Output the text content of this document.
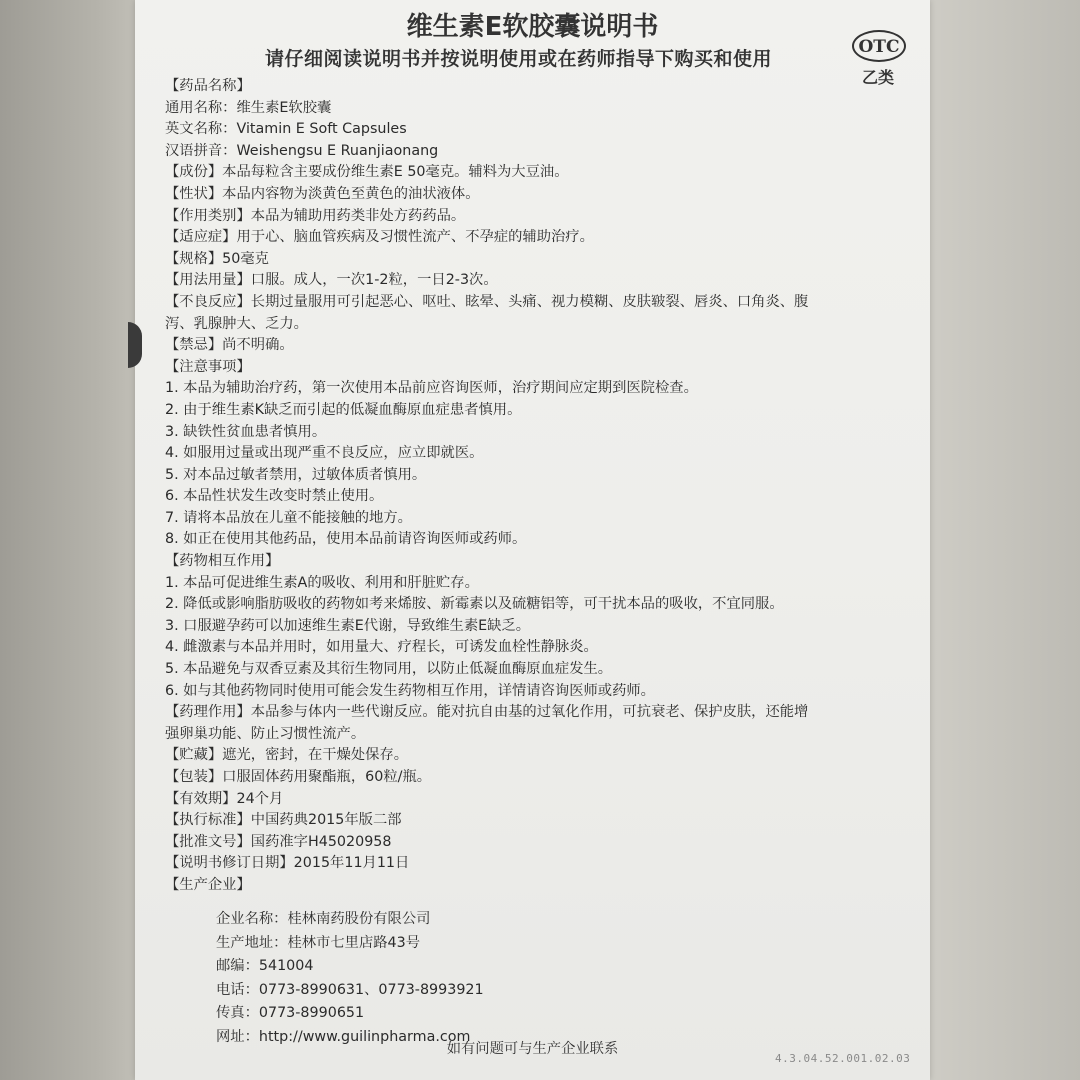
维生素E软胶囊说明书
请仔细阅读说明书并按说明使用或在药师指导下购买和使用
OTC
乙类
【药品名称】
通用名称：维生素E软胶囊
英文名称：Vitamin E Soft Capsules
汉语拼音：Weishengsu E Ruanjiaonang
【成份】本品每粒含主要成份维生素E 50毫克。辅料为大豆油。
【性状】本品内容物为淡黄色至黄色的油状液体。
【作用类别】本品为辅助用药类非处方药药品。
【适应症】用于心、脑血管疾病及习惯性流产、不孕症的辅助治疗。
【规格】50毫克
【用法用量】口服。成人，一次1-2粒，一日2-3次。
【不良反应】长期过量服用可引起恶心、呕吐、眩晕、头痛、视力模糊、皮肤皲裂、唇炎、口角炎、腹
泻、乳腺肿大、乏力。
【禁忌】尚不明确。
【注意事项】
1. 本品为辅助治疗药，第一次使用本品前应咨询医师，治疗期间应定期到医院检查。
2. 由于维生素K缺乏而引起的低凝血酶原血症患者慎用。
3. 缺铁性贫血患者慎用。
4. 如服用过量或出现严重不良反应，应立即就医。
5. 对本品过敏者禁用，过敏体质者慎用。
6. 本品性状发生改变时禁止使用。
7. 请将本品放在儿童不能接触的地方。
8. 如正在使用其他药品，使用本品前请咨询医师或药师。
【药物相互作用】
1. 本品可促进维生素A的吸收、利用和肝脏贮存。
2. 降低或影响脂肪吸收的药物如考来烯胺、新霉素以及硫糖铝等，可干扰本品的吸收，不宜同服。
3. 口服避孕药可以加速维生素E代谢，导致维生素E缺乏。
4. 雌激素与本品并用时，如用量大、疗程长，可诱发血栓性静脉炎。
5. 本品避免与双香豆素及其衍生物同用，以防止低凝血酶原血症发生。
6. 如与其他药物同时使用可能会发生药物相互作用，详情请咨询医师或药师。
【药理作用】本品参与体内一些代谢反应。能对抗自由基的过氧化作用，可抗衰老、保护皮肤，还能增
强卵巢功能、防止习惯性流产。
【贮藏】遮光，密封，在干燥处保存。
【包装】口服固体药用聚酯瓶，60粒/瓶。
【有效期】24个月
【执行标准】中国药典2015年版二部
【批准文号】国药准字H45020958
【说明书修订日期】2015年11月11日
【生产企业】
企业名称：桂林南药股份有限公司
生产地址：桂林市七里店路43号
邮编：541004
电话：0773-8990631、0773-8993921
传真：0773-8990651
网址：http://www.guilinpharma.com
如有问题可与生产企业联系
4.3.04.52.001.02.03
